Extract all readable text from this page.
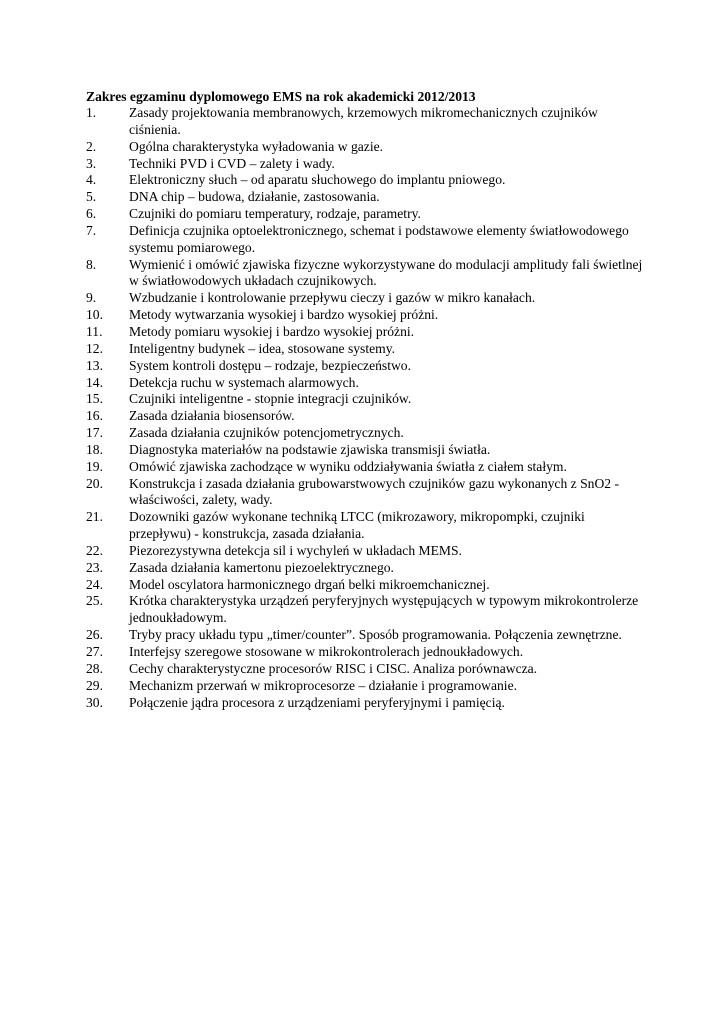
Zakres egzaminu dyplomowego EMS na rok akademicki 2012/2013
1.	Zasady projektowania membranowych, krzemowych mikromechanicznych czujników ciśnienia.
2.	Ogólna charakterystyka wyładowania w gazie.
3.	Techniki PVD i CVD – zalety i wady.
4.	Elektroniczny słuch – od aparatu słuchowego do implantu pniowego.
5.	DNA chip – budowa, działanie, zastosowania.
6.	Czujniki do pomiaru temperatury, rodzaje, parametry.
7.	Definicja czujnika optoelektronicznego, schemat i podstawowe elementy światłowodowego systemu pomiarowego.
8.	Wymienić i omówić zjawiska fizyczne wykorzystywane do modulacji amplitudy fali świetlnej w światłowodowych układach czujnikowych.
9.	Wzbudzanie i kontrolowanie przepływu cieczy i gazów w mikro kanałach.
10.	Metody wytwarzania wysokiej i bardzo wysokiej próżni.
11.	Metody pomiaru wysokiej i bardzo wysokiej próżni.
12.	Inteligentny budynek – idea, stosowane systemy.
13.	System kontroli dostępu – rodzaje, bezpieczeństwo.
14.	Detekcja ruchu w systemach alarmowych.
15.	Czujniki inteligentne - stopnie integracji czujników.
16.	Zasada działania biosensorów.
17.	Zasada działania czujników potencjometrycznych.
18.	Diagnostyka materiałów na podstawie zjawiska transmisji światła.
19.	Omówić zjawiska zachodzące w wyniku oddziaływania światła z ciałem stałym.
20.	Konstrukcja i zasada działania grubowarstwowych czujników gazu wykonanych z SnO2 - właściwości, zalety, wady.
21.	Dozowniki gazów wykonane techniką LTCC (mikrozawory, mikropompki, czujniki przepływu) - konstrukcja, zasada działania.
22.	Piezorezystywna detekcja sil i wychyleń w układach MEMS.
23.	Zasada działania kamertonu piezoelektrycznego.
24.	Model oscylatora harmonicznego drgań belki mikroemchanicznej.
25.	Krótka charakterystyka urządzeń peryferyjnych występujących w typowym mikrokontrolerze jednoukładowym.
26.	Tryby pracy układu typu „timer/counter”. Sposób programowania. Połączenia zewnętrzne.
27.	Interfejsy szeregowe stosowane w mikrokontrolerach jednoukładowych.
28.	Cechy charakterystyczne procesorów RISC i CISC. Analiza porównawcza.
29.	Mechanizm przerwań w mikroprocesorze – działanie i programowanie.
30.	Połączenie jądra procesora z urządzeniami peryferyjnymi i pamięcią.
